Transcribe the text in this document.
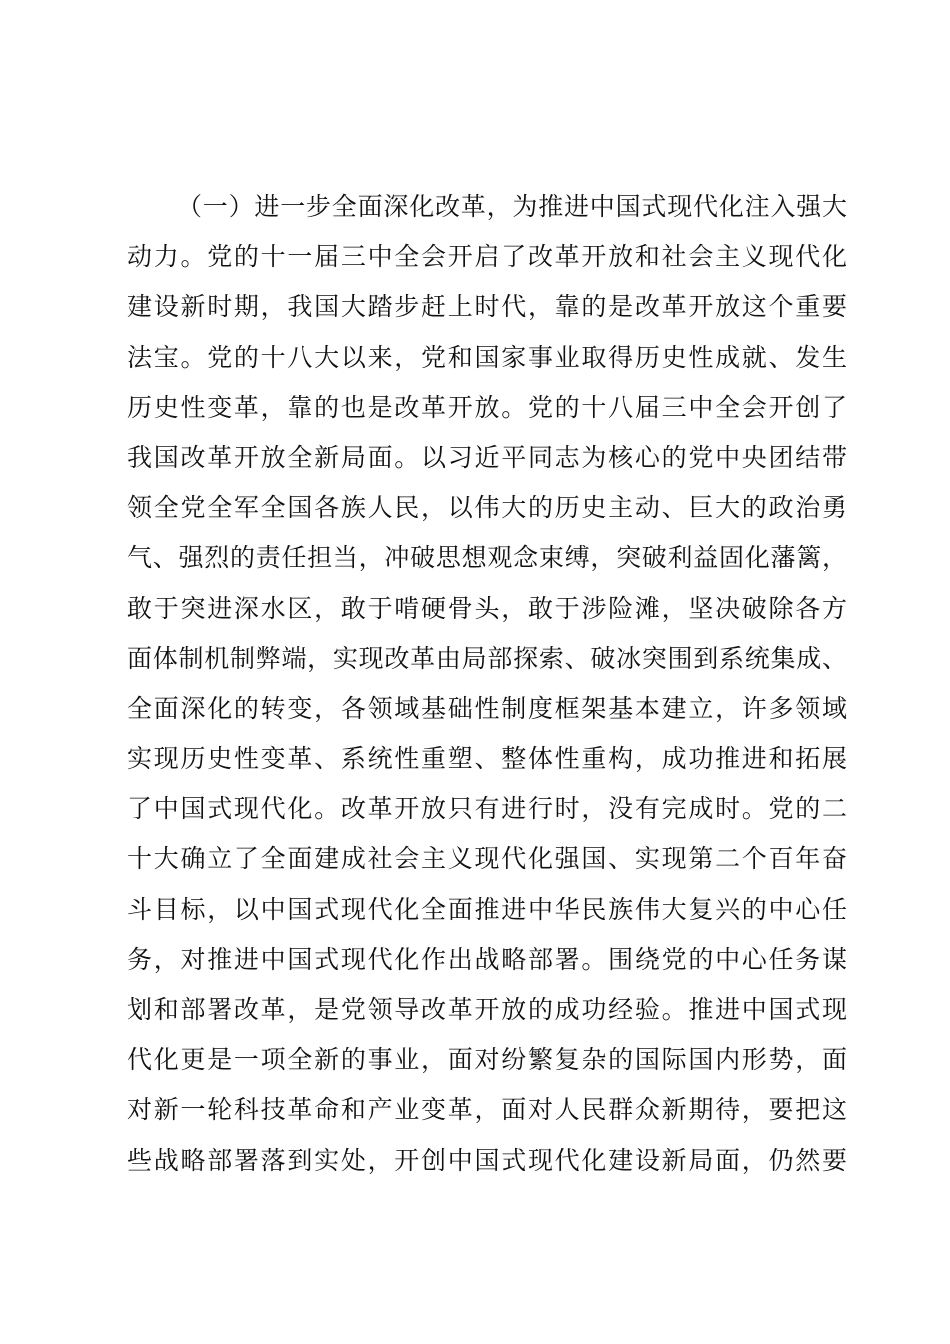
（一）进一步全面深化改革，为推进中国式现代化注入强大
动力。党的十一届三中全会开启了改革开放和社会主义现代化
建设新时期，我国大踏步赶上时代，靠的是改革开放这个重要
法宝。党的十八大以来，党和国家事业取得历史性成就、发生
历史性变革，靠的也是改革开放。党的十八届三中全会开创了
我国改革开放全新局面。以习近平同志为核心的党中央团结带
领全党全军全国各族人民，以伟大的历史主动、巨大的政治勇
气、强烈的责任担当，冲破思想观念束缚，突破利益固化藩篱，
敢于突进深水区，敢于啃硬骨头，敢于涉险滩，坚决破除各方
面体制机制弊端，实现改革由局部探索、破冰突围到系统集成、
全面深化的转变，各领域基础性制度框架基本建立，许多领域
实现历史性变革、系统性重塑、整体性重构，成功推进和拓展
了中国式现代化。改革开放只有进行时，没有完成时。党的二
十大确立了全面建成社会主义现代化强国、实现第二个百年奋
斗目标，以中国式现代化全面推进中华民族伟大复兴的中心任
务，对推进中国式现代化作出战略部署。围绕党的中心任务谋
划和部署改革，是党领导改革开放的成功经验。推进中国式现
代化更是一项全新的事业，面对纷繁复杂的国际国内形势，面
对新一轮科技革命和产业变革，面对人民群众新期待，要把这
些战略部署落到实处，开创中国式现代化建设新局面，仍然要
